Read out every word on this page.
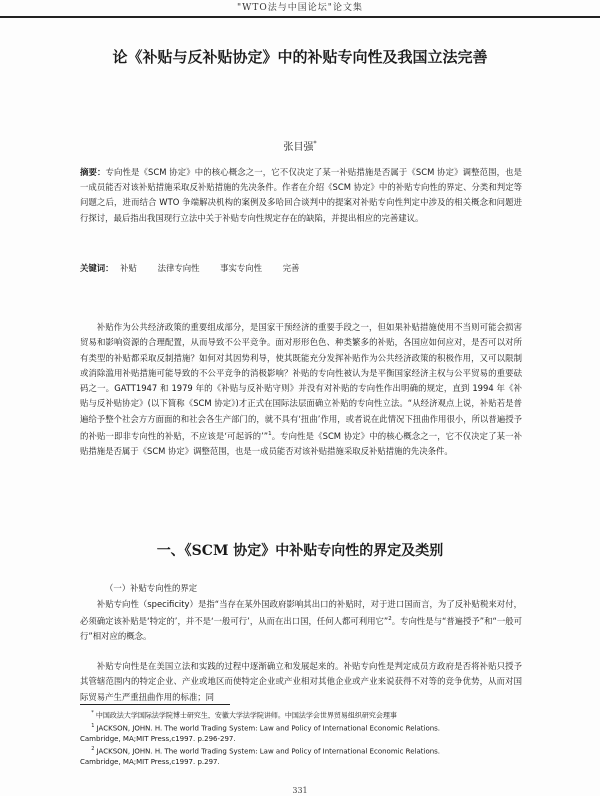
"WTO法与中国论坛"论文集
论《补贴与反补贴协定》中的补贴专向性及我国立法完善
张目强*

摘要：专向性是《SCM 协定》中的核心概念之一，它不仅决定了某一补贴措施是否属于《SCM 协定》调整范围，也是一成员能否对该补贴措施采取反补贴措施的先决条件。作者在介绍《SCM 协定》中的补贴专向性的界定、分类和判定等问题之后，进而结合 WTO 争端解决机构的案例及多哈回合谈判中的提案对补贴专向性判定中涉及的相关概念和问题进行探讨，最后指出我国现行立法中关于补贴专向性规定存在的缺陷，并提出相应的完善建议。

关键词： 补贴 法律专向性 事实专向性 完善

补贴作为公共经济政策的重要组成部分，是国家干预经济的重要手段之一，但如果补贴措施使用不当则可能会损害贸易和影响资源的合理配置，从而导致不公平竞争。面对形形色色、种类繁多的补贴，各国应如何应对，是否可以对所有类型的补贴都采取反制措施？如何对其因势利导，使其既能充分发挥补贴作为公共经济政策的积极作用，又可以限制或消除滥用补贴措施可能导致的不公平竞争的消极影响？补贴的专向性被认为是平衡国家经济主权与公平贸易的重要砝码之一。GATT1947 和 1979 年的《补贴与反补贴守则》并没有对补贴的专向性作出明确的规定，直到 1994 年《补贴与反补贴协定》(以下简称《SCM 协定》)才正式在国际法层面确立补贴的专向性立法。“从经济观点上说，补贴若是普遍给予整个社会方方面面的和社会各生产部门的，就不具有‘扭曲’作用，或者说在此情况下扭曲作用很小，所以普遍授予的补贴一即非专向性的补贴，不应该是‘可起诉的’”$^1$。专向性是《SCM 协定》中的核心概念之一，它不仅决定了某一补贴措施是否属于《SCM 协定》调整范围，也是一成员能否对该补贴措施采取反补贴措施的先决条件。

一、《SCM 协定》中补贴专向性的界定及类别
（一）补贴专向性的界定

补贴专向性（specificity）是指“当存在某外国政府影响其出口的补贴时，对于进口国而言，为了反补贴税来对付，必须确定该补贴是‘特定的’，并不是‘一般可行’，从而在出口国，任何人都可利用它”$^2$。专向性是与“普遍授予”和“一般可行”相对应的概念。

补贴专向性是在美国立法和实践的过程中逐渐确立和发展起来的。补贴专向性是判定成员方政府是否将补贴只授予其管辖范围内的特定企业、产业或地区而使特定企业或产业相对其他企业或产业来说获得不对等的竞争优势，从而对国际贸易产生严重扭曲作用的标准；同

* 中国政法大学国际法学院博士研究生，安徽大学法学院讲师。中国法学会世界贸易组织研究会理事
$^1$ JACKSON, JOHN. H. The world Trading System: Law and Policy of International Economic Relations.
Cambridge, MA;MIT Press,c1997. p.296-297.
$^2$ JACKSON, JOHN. H. The world Trading System: Law and Policy of International Economic Relations.
Cambridge, MA;MIT Press,c1997. p.297.
331
